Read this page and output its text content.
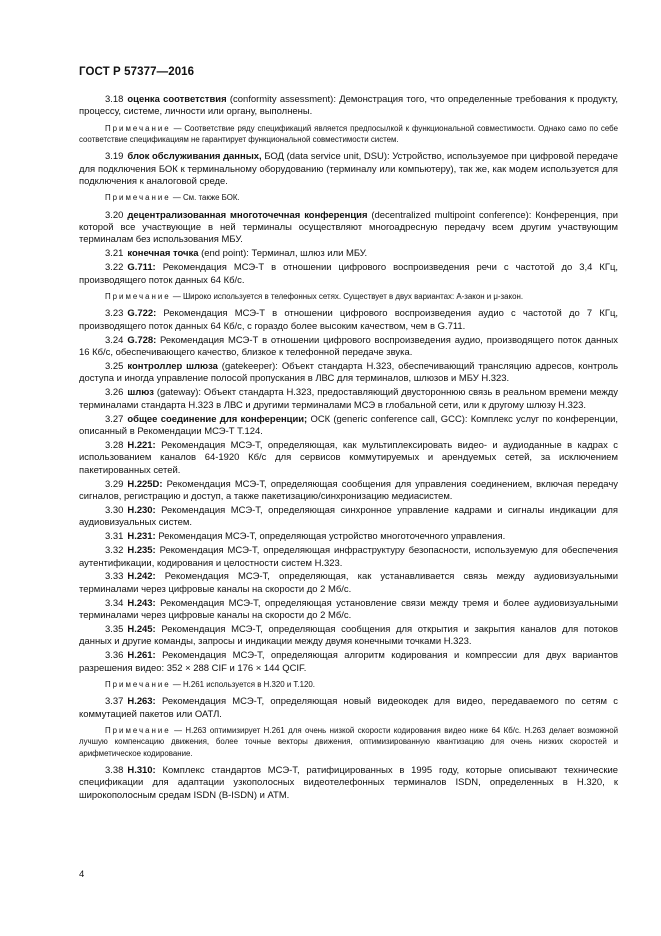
ГОСТ Р 57377—2016

3.18 оценка соответствия (conformity assessment): Демонстрация того, что определенные требования к продукту, процессу, системе, личности или органу, выполнены.

Примечание — Соответствие ряду спецификаций является предпосылкой к функциональной совместимости. Однако само по себе соответствие спецификациям не гарантирует функциональной совместимости систем.

3.19 блок обслуживания данных, БОД (data service unit, DSU): Устройство, используемое при цифровой передаче для подключения БОК к терминальному оборудованию (терминалу или компьютеру), так же, как модем используется для подключения к аналоговой среде.

Примечание — См. также БОК.

3.20 децентрализованная многоточечная конференция (decentralized multipoint conference): Конференция, при которой все участвующие в ней терминалы осуществляют многоадресную передачу всем другим участвующим терминалам без использования МБУ.

3.21 конечная точка (end point): Терминал, шлюз или МБУ.

3.22 G.711: Рекомендация МСЭ-Т в отношении цифрового воспроизведения речи с частотой до 3,4 КГц, производящего поток данных 64 Кб/с.

Примечание — Широко используется в телефонных сетях. Существует в двух вариантах: А-закон и μ-закон.

3.23 G.722: Рекомендация МСЭ-Т в отношении цифрового воспроизведения аудио с частотой до 7 КГц, производящего поток данных 64 Кб/с, с гораздо более высоким качеством, чем в G.711.

3.24 G.728: Рекомендация МСЭ-Т в отношении цифрового воспроизведения аудио, производящего поток данных 16 Кб/с, обеспечивающего качество, близкое к телефонной передаче звука.

3.25 контроллер шлюза (gatekeeper): Объект стандарта Н.323, обеспечивающий трансляцию адресов, контроль доступа и иногда управление полосой пропускания в ЛВС для терминалов, шлюзов и МБУ Н.323.

3.26 шлюз (gateway): Объект стандарта Н.323, предоставляющий двустороннюю связь в реальном времени между терминалами стандарта Н.323 в ЛВС и другими терминалами МСЭ в глобальной сети, или к другому шлюзу Н.323.

3.27 общее соединение для конференции; ОСК (generic conference call, GCC): Комплекс услуг по конференции, описанный в Рекомендации МСЭ-Т Т.124.

3.28 Н.221: Рекомендация МСЭ-Т, определяющая, как мультиплексировать видео- и аудиоданные в кадрах с использованием каналов 64-1920 Кб/с для сервисов коммутируемых и арендуемых сетей, за исключением пакетированных сетей.

3.29 Н.225D: Рекомендация МСЭ-Т, определяющая сообщения для управления соединением, включая передачу сигналов, регистрацию и доступ, а также пакетизацию/синхронизацию медиасистем.

3.30 Н.230: Рекомендация МСЭ-Т, определяющая синхронное управление кадрами и сигналы индикации для аудиовизуальных систем.

3.31 Н.231: Рекомендация МСЭ-Т, определяющая устройство многоточечного управления.

3.32 Н.235: Рекомендация МСЭ-Т, определяющая инфраструктуру безопасности, используемую для обеспечения аутентификации, кодирования и целостности систем Н.323.

3.33 Н.242: Рекомендация МСЭ-Т, определяющая, как устанавливается связь между аудиовизуальными терминалами через цифровые каналы на скорости до 2 Мб/с.

3.34 Н.243: Рекомендация МСЭ-Т, определяющая установление связи между тремя и более аудиовизуальными терминалами через цифровые каналы на скорости до 2 Мб/с.

3.35 Н.245: Рекомендация МСЭ-Т, определяющая сообщения для открытия и закрытия каналов для потоков данных и другие команды, запросы и индикации между двумя конечными точками Н.323.

3.36 Н.261: Рекомендация МСЭ-Т, определяющая алгоритм кодирования и компрессии для двух вариантов разрешения видео: 352 × 288 CIF и 176 × 144 QCIF.

Примечание — Н.261 используется в Н.320 и Т.120.

3.37 Н.263: Рекомендация МСЭ-Т, определяющая новый видеокодек для видео, передаваемого по сетям с коммутацией пакетов или ОАТЛ.

Примечание — Н.263 оптимизирует Н.261 для очень низкой скорости кодирования видео ниже 64 Кб/с. Н.263 делает возможной лучшую компенсацию движения, более точные векторы движения, оптимизированную квантизацию для очень низких скоростей и арифметическое кодирование.

3.38 Н.310: Комплекс стандартов МСЭ-Т, ратифицированных в 1995 году, которые описывают технические спецификации для адаптации узкополосных видеотелефонных терминалов ISDN, определенных в Н.320, к широкополосным средам ISDN (B-ISDN) и АТМ.

4
